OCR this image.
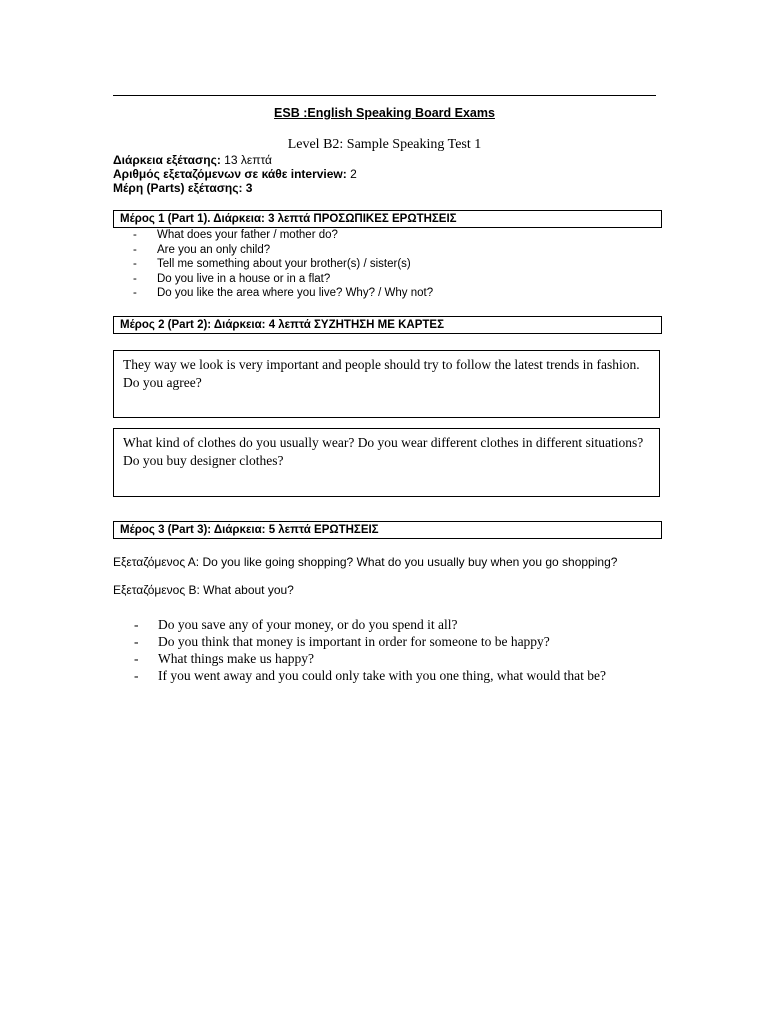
ESB :English Speaking Board Exams
Level B2: Sample Speaking Test 1
Διάρκεια εξέτασης: 13 λεπτά
Αριθμός εξεταζόμενων σε κάθε interview: 2
Μέρη (Parts) εξέτασης: 3
Μέρος 1 (Part 1). Διάρκεια: 3 λεπτά ΠΡΟΣΩΠΙΚΕΣ ΕΡΩΤΗΣΕΙΣ
- What does your father / mother do?
- Are you an only child?
- Tell me something about your brother(s) / sister(s)
- Do you live in a house or in a flat?
- Do you like the area where you live? Why? / Why not?
Μέρος 2 (Part 2): Διάρκεια: 4 λεπτά ΣΥΖΗΤΗΣΗ ΜΕ ΚΑΡΤΕΣ
They way we look is very important and people should try to follow the latest trends in fashion. Do you agree?
What kind of clothes do you usually wear? Do you wear different clothes in different situations? Do you buy designer clothes?
Μέρος 3 (Part 3): Διάρκεια: 5 λεπτά ΕΡΩΤΗΣΕΙΣ
Εξεταζόμενος Α: Do you like going shopping? What do you usually buy when you go shopping?
Εξεταζόμενος Β: What about you?
- Do you save any of your money, or do you spend it all?
- Do you think that money is important in order for someone to be happy?
- What things make us happy?
- If you went away and you could only take with you one thing, what would that be?
